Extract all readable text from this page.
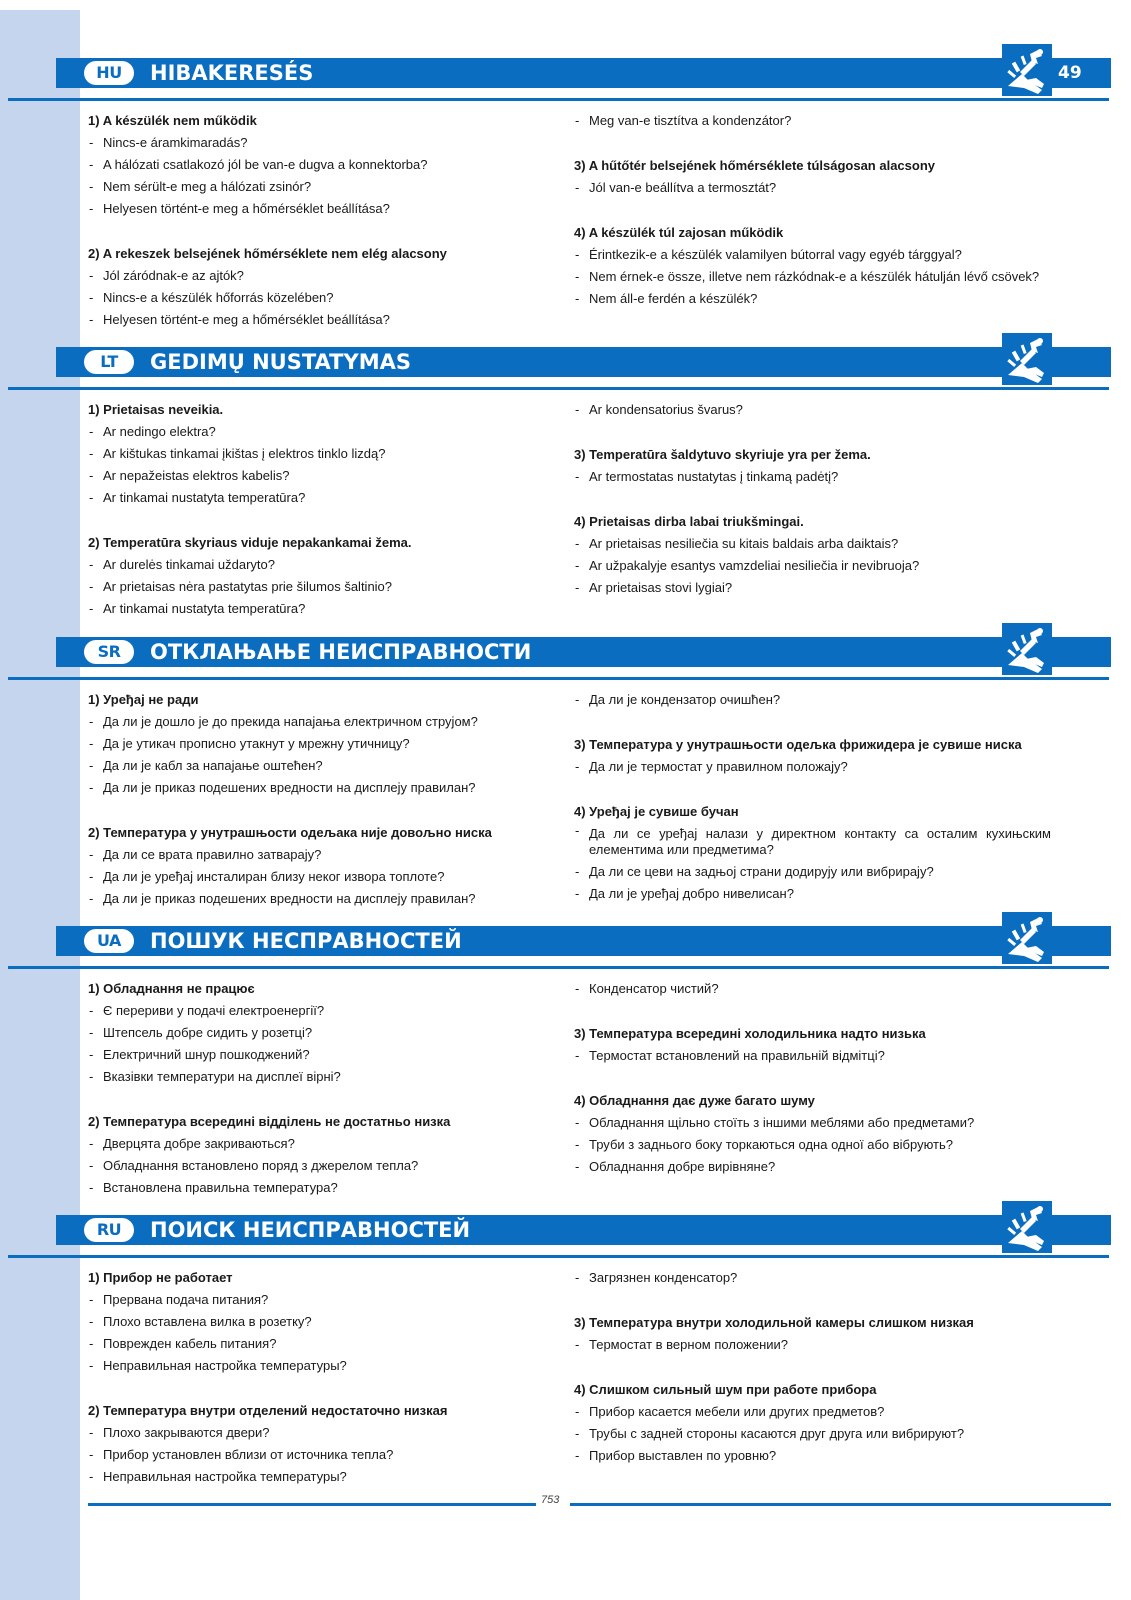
HU	HIBAKERESÉS	49
1) A készülék nem működik
- Nincs-e áramkimaradás?
- A hálózati csatlakozó jól be van-e dugva a konnektorba?
- Nem sérült-e meg a hálózati zsinór?
- Helyesen történt-e meg a hőmérséklet beállítása?
2) A rekeszek belsejének hőmérséklete nem elég alacsony
- Jól záródnak-e az ajtók?
- Nincs-e a készülék hőforrás közelében?
- Helyesen történt-e meg a hőmérséklet beállítása?
- Meg van-e tisztítva a kondenzátor?
3) A hűtőtér belsejének hőmérséklete túlságosan alacsony
- Jól van-e beállítva a termosztát?
4) A készülék túl zajosan működik
- Érintkezik-e a készülék valamilyen bútorral vagy egyéb tárggyal?
- Nem érnek-e össze, illetve nem rázkódnak-e a készülék hátulján lévő csövek?
- Nem áll-e ferdén a készülék?
LT	GEDIMŲ NUSTATYMAS
1) Prietaisas neveikia.
- Ar nedingo elektra?
- Ar kištukas tinkamai įkištas į elektros tinklo lizdą?
- Ar nepažeistas elektros kabelis?
- Ar tinkamai nustatyta temperatūra?
2) Temperatūra skyriaus viduje nepakankamai žema.
- Ar durelės tinkamai uždaryto?
- Ar prietaisas nėra pastatytas prie šilumos šaltinio?
- Ar tinkamai nustatyta temperatūra?
- Ar kondensatorius švarus?
3) Temperatūra šaldytuvo skyriuje yra per žema.
- Ar termostatas nustatytas į tinkamą padėtį?
4) Prietaisas dirba labai triukšmingai.
- Ar prietaisas nesiliečia su kitais baldais arba daiktais?
- Ar užpakalyje esantys vamzdeliai nesiliečia ir nevibruoja?
- Ar prietaisas stovi lygiai?
SR	ОТКЛАЊАЊЕ НЕИСПРАВНОСТИ
1) Уређај не ради
- Да ли је дошло је до прекида напајања електричном струјом?
- Да је утикач прописно утакнут у мрежну утичницу?
- Да ли је кабл за напајање оштећен?
- Да ли је приказ подешених вредности на дисплеју правилан?
2) Температура у унутрашњости одељака није довољно ниска
- Да ли се врата правилно затварају?
- Да ли је уређај инсталиран близу неког извора топлоте?
- Да ли је приказ подешених вредности на дисплеју правилан?
- Да ли је кондензатор очишћен?
3) Температура у унутрашњости одељка фрижидера је сувише ниска
- Да ли је термостат у правилном положају?
4) Уређај је сувише бучан
- Да ли се уређај налази у директном контакту са осталим кухињским елементима или предметима?
- Да ли се цеви на задњој страни додирују или вибрирају?
- Да ли је уређај добро нивелисан?
UA	ПОШУК НЕСПРАВНОСТЕЙ
1) Обладнання не працює
- Є перериви у подачі електроенергії?
- Штепсель добре сидить у розетці?
- Електричний шнур пошкоджений?
- Вказівки температури на дисплеї вірні?
2) Температура всередині відділень не достатньо низка
- Дверцята добре закриваються?
- Обладнання встановлено поряд з джерелом тепла?
- Встановлена правильна температура?
- Конденсатор чистий?
3) Температура всередині холодильника надто низька
- Термостат встановлений на правильній відмітці?
4) Обладнання дає дуже багато шуму
- Обладнання щільно стоїть з іншими меблями або предметами?
- Труби з заднього боку торкаються одна одної або вібрують?
- Обладнання добре вирівняне?
RU	ПОИСК НЕИСПРАВНОСТЕЙ
1) Прибор не работает
- Прервана подача питания?
- Плохо вставлена вилка в розетку?
- Поврежден кабель питания?
- Неправильная настройка температуры?
2) Температура внутри отделений недостаточно низкая
- Плохо закрываются двери?
- Прибор установлен вблизи от источника тепла?
- Неправильная настройка температуры?
- Загрязнен конденсатор?
3) Температура внутри холодильной камеры слишком низкая
- Термостат в верном положении?
4) Слишком сильный шум при работе прибора
- Прибор касается мебели или других предметов?
- Трубы с задней стороны касаются друг друга или вибрируют?
- Прибор выставлен по уровню?
753
